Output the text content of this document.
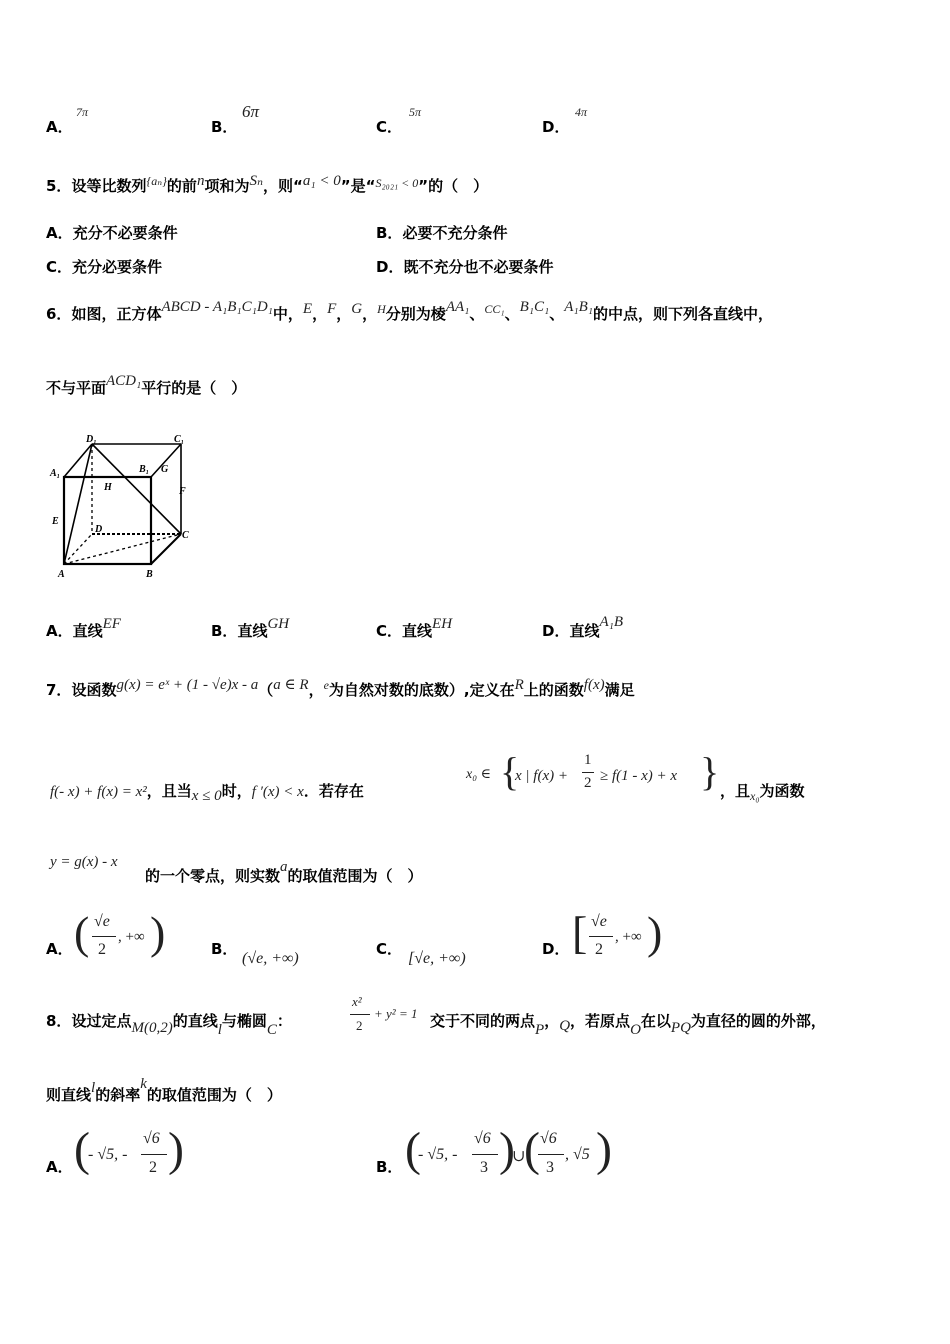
A．
7π
B．
6π
C．
5π
D．
4π
5．设等比数列$^{\{a_n\}}$的前n项和为Sₙ，则“a₁ < 0”是“$^{S_{2021} < 0}$”的（　）
A．充分不必要条件	B．必要不充分条件
C．充分必要条件	D．既不充分也不必要条件
6．如图，正方体ABCD - A₁B₁C₁D₁中，E，F，G，$^H$分别为棱AA₁、$^{CC_1}$、B₁C₁、A₁B₁的中点，则下列各直线中，
不与平面ACD₁平行的是（　）
D₁	C₁
A₁	B₁ G
H	F
E
D
C
A	B
A．直线EF	B．直线GH	C．直线EH	D．直线A₁B
7．设函数g(x) = eˣ + (1 - √e)x - a（a ∈ R，$^e$为自然对数的底数）,定义在R上的函数f(x)满足
f(- x) + f(x) = x²，且当x ≤ 0时，f ′(x) < x．若存在
x₀ ∈ {
x | f(x) +
1
2 ≥ f(1 - x) + x } ，且$_{x_0}$为函数
y = g(x) - x
的一个零点，则实数a的取值范围为（　）
A． ( √e
2
, +∞ )	B．
(√e, +∞)
C．
[√e, +∞)
D． [ √e
2
, +∞ )
8．设过定点M(0,2)的直线l与椭圆C：
x²
2
+ y² = 1 交于不同的两点P，Q，若原点O在以PQ为直径的圆的外部，
则直线l的斜率k的取值范围为（　）
A． (
- √5, -
√6
2 )	B． (
- √5, -
√6
3 )
∪
( √6
3
, √5 )
